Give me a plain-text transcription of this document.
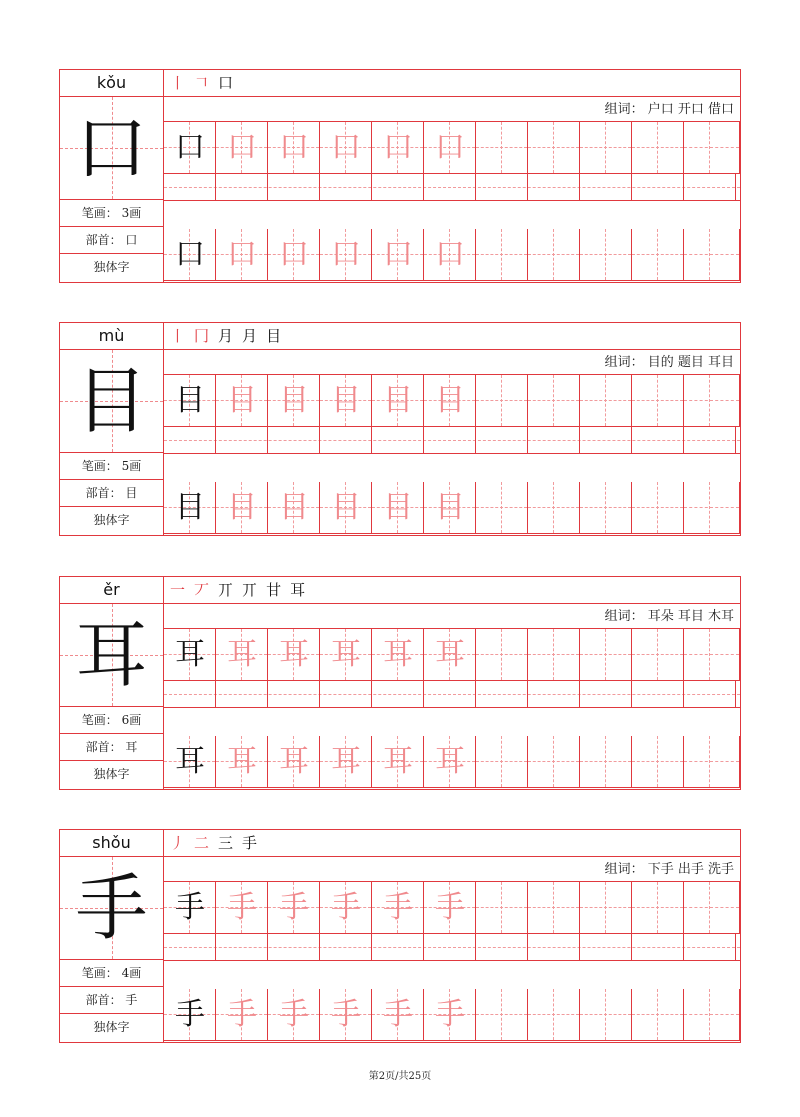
kǒu
口
笔画： 3画
部首： 口
独体字
丨 𠃍 口
组词： 户口 开口 借口
口 口 口 口 口 口
口 口 口 口 口 口
mù
目
笔画： 5画
部首： 目
独体字
丨 冂 月 月 目
组词： 目的 题目 耳目
目 目 目 目 目 目
目 目 目 目 目 目
ěr
耳
笔画： 6画
部首： 耳
独体字
一 丆 丌 丌 甘 耳
组词： 耳朵 耳目 木耳
耳 耳 耳 耳 耳 耳
耳 耳 耳 耳 耳 耳
shǒu
手
笔画： 4画
部首： 手
独体字
丿 二 三 手
组词： 下手 出手 洗手
手 手 手 手 手 手
手 手 手 手 手 手
第2页/共25页
